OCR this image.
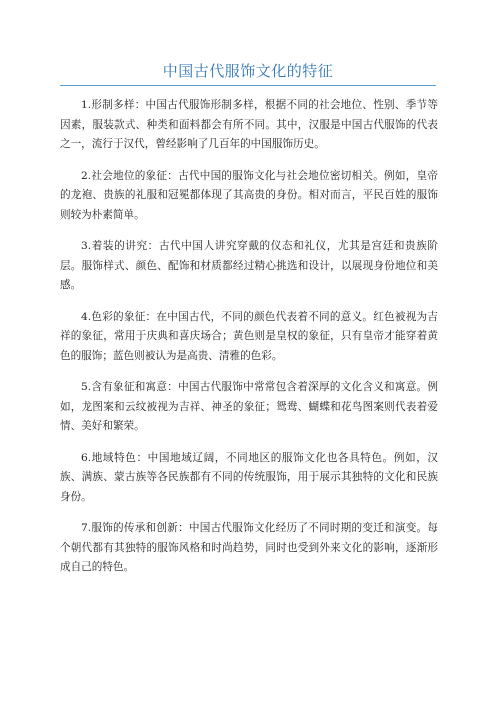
中国古代服饰文化的特征

1.形制多样：中国古代服饰形制多样，根据不同的社会地位、性别、季节等因素，服装款式、种类和面料都会有所不同。其中，汉服是中国古代服饰的代表之一，流行于汉代，曾经影响了几百年的中国服饰历史。

2.社会地位的象征：古代中国的服饰文化与社会地位密切相关。例如，皇帝的龙袍、贵族的礼服和冠冕都体现了其高贵的身份。相对而言，平民百姓的服饰则较为朴素简单。

3.着装的讲究：古代中国人讲究穿戴的仪态和礼仪，尤其是宫廷和贵族阶层。服饰样式、颜色、配饰和材质都经过精心挑选和设计，以展现身份地位和美感。

4.色彩的象征：在中国古代，不同的颜色代表着不同的意义。红色被视为吉祥的象征，常用于庆典和喜庆场合；黄色则是皇权的象征，只有皇帝才能穿着黄色的服饰；蓝色则被认为是高贵、清雅的色彩。

5.含有象征和寓意：中国古代服饰中常常包含着深厚的文化含义和寓意。例如，龙图案和云纹被视为吉祥、神圣的象征；鸳鸯、蝴蝶和花鸟图案则代表着爱情、美好和繁荣。

6.地域特色：中国地域辽阔，不同地区的服饰文化也各具特色。例如，汉族、满族、蒙古族等各民族都有不同的传统服饰，用于展示其独特的文化和民族身份。

7.服饰的传承和创新：中国古代服饰文化经历了不同时期的变迁和演变。每个朝代都有其独特的服饰风格和时尚趋势，同时也受到外来文化的影响，逐渐形成自己的特色。
